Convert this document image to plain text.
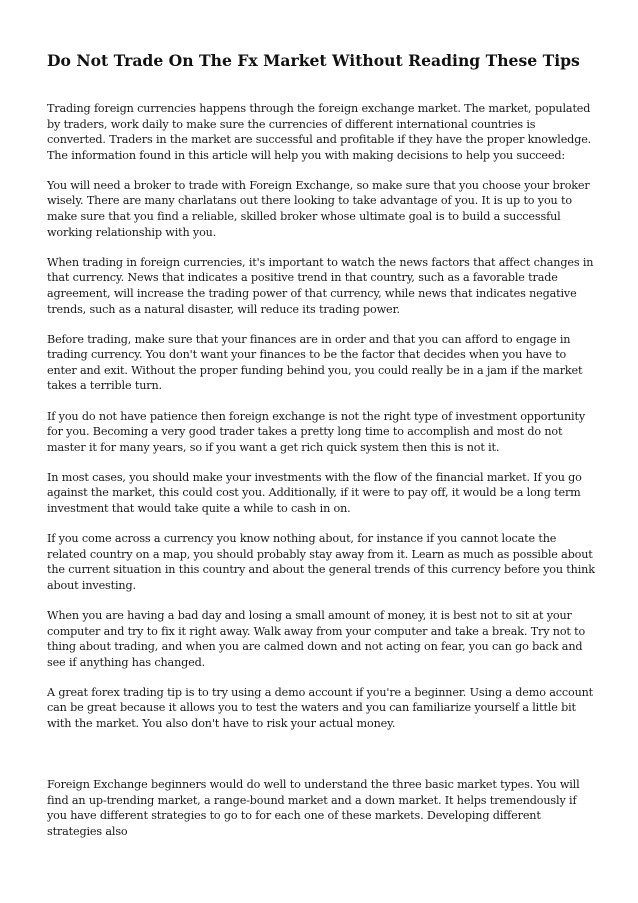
Do Not Trade On The Fx Market Without Reading These Tips

Trading foreign currencies happens through the foreign exchange market. The market, populated by traders, work daily to make sure the currencies of different international countries is converted. Traders in the market are successful and profitable if they have the proper knowledge. The information found in this article will help you with making decisions to help you succeed:

You will need a broker to trade with Foreign Exchange, so make sure that you choose your broker wisely. There are many charlatans out there looking to take advantage of you. It is up to you to make sure that you find a reliable, skilled broker whose ultimate goal is to build a successful working relationship with you.

When trading in foreign currencies, it's important to watch the news factors that affect changes in that currency. News that indicates a positive trend in that country, such as a favorable trade agreement, will increase the trading power of that currency, while news that indicates negative trends, such as a natural disaster, will reduce its trading power.

Before trading, make sure that your finances are in order and that you can afford to engage in trading currency. You don't want your finances to be the factor that decides when you have to enter and exit. Without the proper funding behind you, you could really be in a jam if the market takes a terrible turn.

If you do not have patience then foreign exchange is not the right type of investment opportunity for you. Becoming a very good trader takes a pretty long time to accomplish and most do not master it for many years, so if you want a get rich quick system then this is not it.

In most cases, you should make your investments with the flow of the financial market. If you go against the market, this could cost you. Additionally, if it were to pay off, it would be a long term investment that would take quite a while to cash in on.

If you come across a currency you know nothing about, for instance if you cannot locate the related country on a map, you should probably stay away from it. Learn as much as possible about the current situation in this country and about the general trends of this currency before you think about investing.

When you are having a bad day and losing a small amount of money, it is best not to sit at your computer and try to fix it right away. Walk away from your computer and take a break. Try not to thing about trading, and when you are calmed down and not acting on fear, you can go back and see if anything has changed.

A great forex trading tip is to try using a demo account if you're a beginner. Using a demo account can be great because it allows you to test the waters and you can familiarize yourself a little bit with the market. You also don't have to risk your actual money.

Foreign Exchange beginners would do well to understand the three basic market types. You will find an up-trending market, a range-bound market and a down market. It helps tremendously if you have different strategies to go to for each one of these markets. Developing different strategies also
